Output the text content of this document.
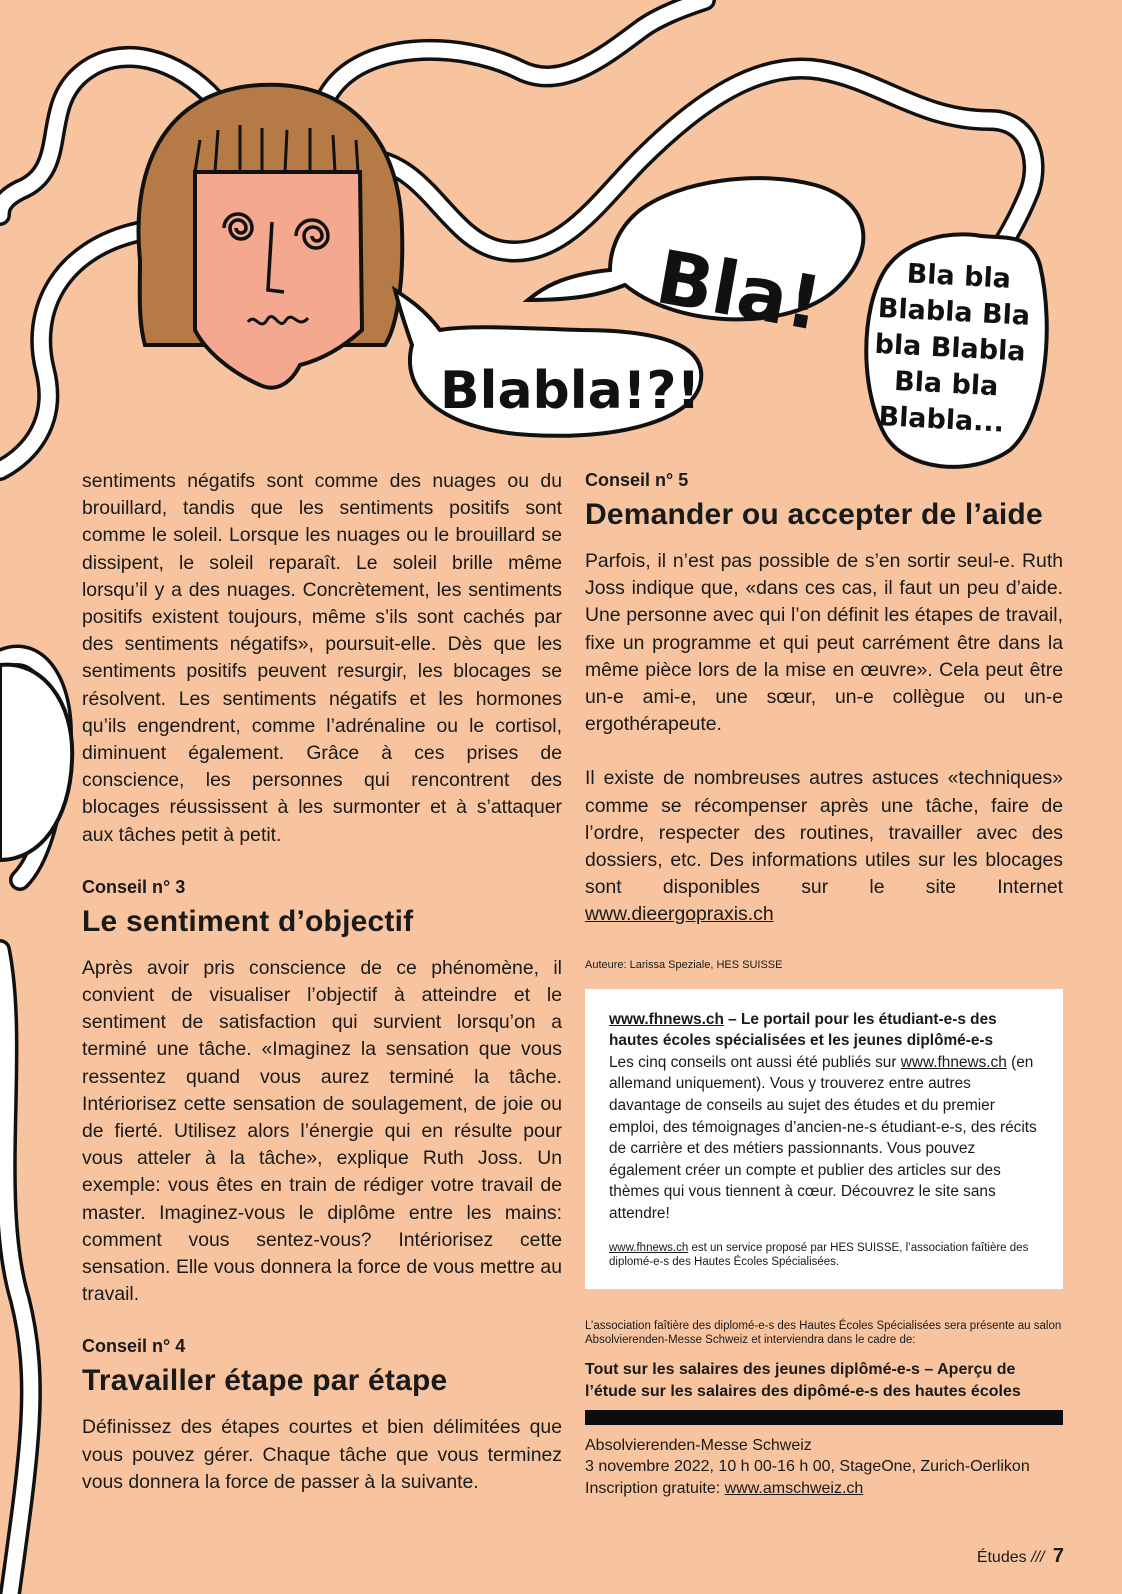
Bla!
Blabla!?!
Bla bla
Blabla Bla
bla Blabla
Bla bla
Blabla...

sentiments négatifs sont comme des nuages ou du brouillard, tandis que les sentiments positifs sont comme le soleil. Lorsque les nuages ou le brouillard se dissipent, le soleil reparaît. Le soleil brille même lorsqu’il y a des nuages. Concrètement, les sentiments positifs existent toujours, même s’ils sont cachés par des sentiments négatifs», poursuit-elle. Dès que les sentiments positifs peuvent resurgir, les blocages se résolvent. Les sentiments négatifs et les hormones qu’ils engendrent, comme l’adrénaline ou le cortisol, diminuent également. Grâce à ces prises de conscience, les personnes qui rencontrent des blocages réussissent à les surmonter et à s’attaquer aux tâches petit à petit.

Conseil n° 3

Le sentiment d’objectif

Après avoir pris conscience de ce phénomène, il convient de visualiser l’objectif à atteindre et le sentiment de satisfaction qui survient lorsqu’on a terminé une tâche. «Imaginez la sensation que vous ressentez quand vous aurez terminé la tâche. Intériorisez cette sensation de soulagement, de joie ou de fierté. Utilisez alors l’énergie qui en résulte pour vous atteler à la tâche», explique Ruth Joss. Un exemple: vous êtes en train de rédiger votre travail de master. Imaginez-vous le diplôme entre les mains: comment vous sentez-vous? Intériorisez cette sensation. Elle vous donnera la force de vous mettre au travail.

Conseil n° 4

Travailler étape par étape

Définissez des étapes courtes et bien délimitées que vous pouvez gérer. Chaque tâche que vous terminez vous donnera la force de passer à la suivante.

Conseil n° 5

Demander ou accepter de l’aide

Parfois, il n’est pas possible de s’en sortir seul-e. Ruth Joss indique que, «dans ces cas, il faut un peu d’aide. Une personne avec qui l’on définit les étapes de travail, fixe un programme et qui peut carrément être dans la même pièce lors de la mise en œuvre». Cela peut être un-e ami-e, une sœur, un-e collègue ou un-e ergothérapeute.

Il existe de nombreuses autres astuces «techniques» comme se récompenser après une tâche, faire de l’ordre, respecter des routines, travailler avec des dossiers, etc. Des informations utiles sur les blocages sont disponibles sur le site Internet www.dieergopraxis.ch

Auteure: Larissa Speziale, HES SUISSE

www.fhnews.ch – Le portail pour les étudiant-e-s des hautes écoles spécialisées et les jeunes diplômé-e-s
Les cinq conseils ont aussi été publiés sur www.fhnews.ch (en allemand uniquement). Vous y trouverez entre autres davantage de conseils au sujet des études et du premier emploi, des témoignages d’ancien-ne-s étudiant-e-s, des récits de carrière et des métiers passionnants. Vous pouvez également créer un compte et publier des articles sur des thèmes qui vous tiennent à cœur. Découvrez le site sans attendre!
www.fhnews.ch est un service proposé par HES SUISSE, l’association faîtière des diplomé-e-s des Hautes Écoles Spécialisées.
L’association faîtière des diplomé-e-s des Hautes Écoles Spécialisées sera présente au salon Absolvierenden-Messe Schweiz et interviendra dans le cadre de:
Tout sur les salaires des jeunes diplômé-e-s – Aperçu de l’étude sur les salaires des dipômé-e-s des hautes écoles
Absolvierenden-Messe Schweiz
3 novembre 2022, 10 h 00-16 h 00, StageOne, Zurich-Oerlikon
Inscription gratuite: www.amschweiz.ch
Études /// 7
